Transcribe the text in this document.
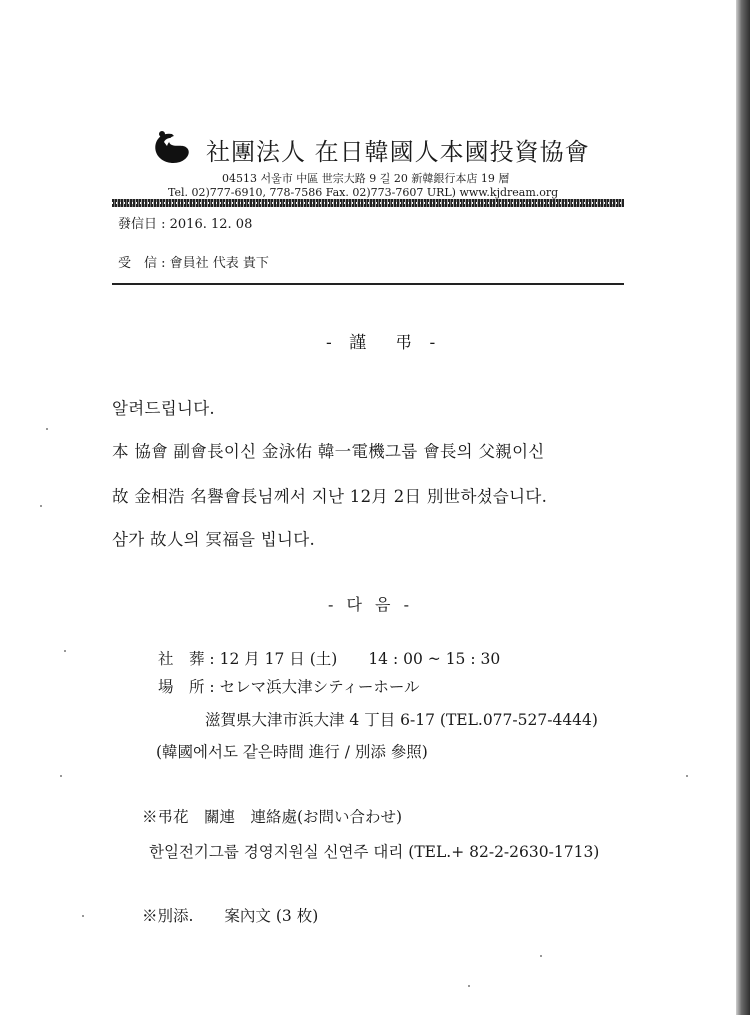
社團法人 在日韓國人本國投資協會
04513 서울市 中區 世宗大路 9 길 20 新韓銀行本店 19 層
Tel. 02)777-6910, 778-7586 Fax. 02)773-7607 URL) www.kjdream.org
發信日 : 2016. 12. 08
受　信 : 會員社 代表 貴下
- 謹　弔 -
알려드립니다.
本 協會 副會長이신 金泳佑 韓一電機그룹 會長의 父親이신
故 金相浩 名譽會長님께서 지난 12月 2日 別世하셨습니다.
삼가 故人의 冥福을 빕니다.
- 다 음 -
社　葬 : 12 月 17 日 (土)　　14 : 00 ~ 15 : 30
場　所 : セレマ浜大津シティーホール
滋賀県大津市浜大津 4 丁目 6-17 (TEL.077-527-4444)
(韓國에서도 같은時間 進行 / 別添 參照)
※弔花　關連　連絡處(お問い合わせ)
한일전기그룹 경영지원실 신연주 대리 (TEL.+ 82-2-2630-1713)
※別添.　　案內文 (3 枚)
